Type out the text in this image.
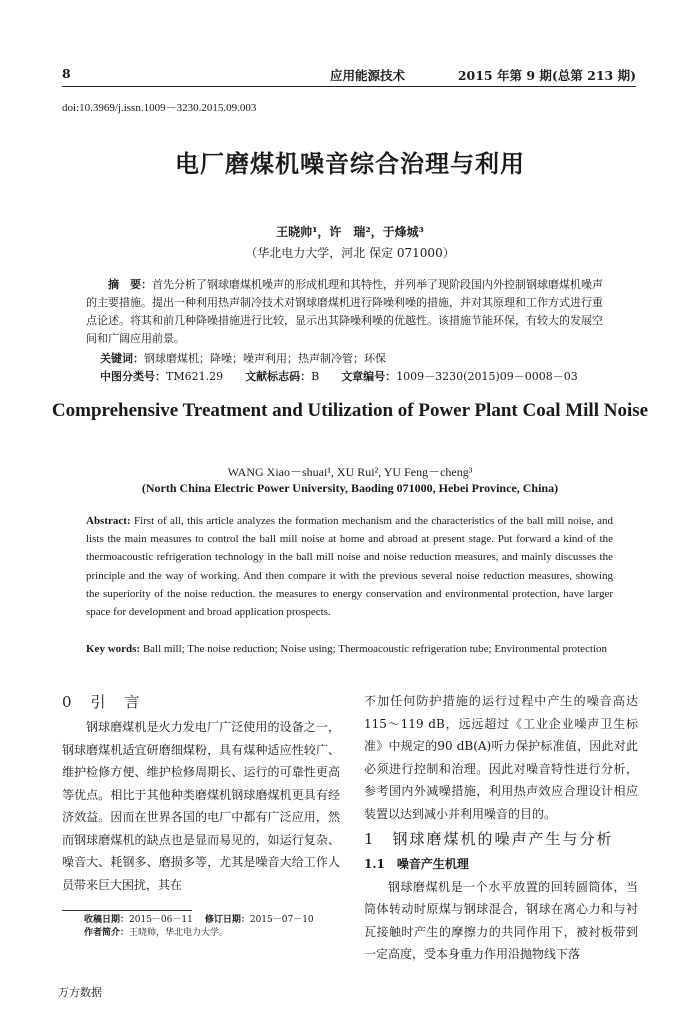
8	应用能源技术	2015 年第 9 期(总第 213 期)
doi:10.3969/j.issn.1009－3230.2015.09.003
电厂磨煤机噪音综合治理与利用
王晓帅¹，许　瑞²，于烽城³
（华北电力大学，河北 保定 071000）
摘　要：首先分析了钢球磨煤机噪声的形成机理和其特性，并列举了现阶段国内外控制钢球磨煤机噪声的主要措施。提出一种利用热声制冷技术对钢球磨煤机进行降噪利噪的措施，并对其原理和工作方式进行重点论述。将其和前几种降噪措施进行比较，显示出其降噪利噪的优越性。该措施节能环保，有较大的发展空间和广阔应用前景。
关键词：钢球磨煤机；降噪；噪声利用；热声制冷管；环保
中图分类号：TM621.29 文献标志码：B 文章编号：1009－3230(2015)09－0008－03
Comprehensive Treatment and Utilization of Power Plant Coal Mill Noise
WANG Xiao－shuai¹, XU Rui², YU Feng－cheng³
(North China Electric Power University, Baoding 071000, Hebei Province, China)
Abstract: First of all, this article analyzes the formation mechanism and the characteristics of the ball mill noise, and lists the main measures to control the ball mill noise at home and abroad at present stage. Put forward a kind of the thermoacoustic refrigeration technology in the ball mill noise and noise reduction measures, and mainly discusses the principle and the way of working. And then compare it with the previous several noise reduction measures, showing the superiority of the noise reduction. the measures to energy conservation and environmental protection, have larger space for development and broad application prospects.
Key words: Ball mill; The noise reduction; Noise using; Thermoacoustic refrigeration tube; Environmental protection
0　引　言

钢球磨煤机是火力发电厂广泛使用的设备之一，钢球磨煤机适宜研磨细煤粉，具有煤种适应性较广、维护检修方便、维护检修周期长、运行的可靠性更高等优点。相比于其他种类磨煤机钢球磨煤机更具有经济效益。因而在世界各国的电厂中都有广泛应用，然而钢球磨煤机的缺点也是显而易见的，如运行复杂、噪音大、耗钢多、磨损多等，尤其是噪音大给工作人员带来巨大困扰，其在

不加任何防护措施的运行过程中产生的噪音高达115～119 dB，远远超过《工业企业噪声卫生标准》中规定的90 dB(A)听力保护标准值，因此对此必须进行控制和治理。因此对噪音特性进行分析，参考国内外减噪措施，利用热声效应合理设计相应装置以达到减小并利用噪音的目的。

1　钢球磨煤机的噪声产生与分析
1.1　噪音产生机理

钢球磨煤机是一个水平放置的回转圆筒体，当筒体转动时原煤与钢球混合，钢球在离心力和与衬瓦接触时产生的摩擦力的共同作用下，被衬板带到一定高度，受本身重力作用沿抛物线下落

收稿日期：2015－06－11 修订日期：2015－07－10
作者简介：王晓帅，华北电力大学。
万方数据
